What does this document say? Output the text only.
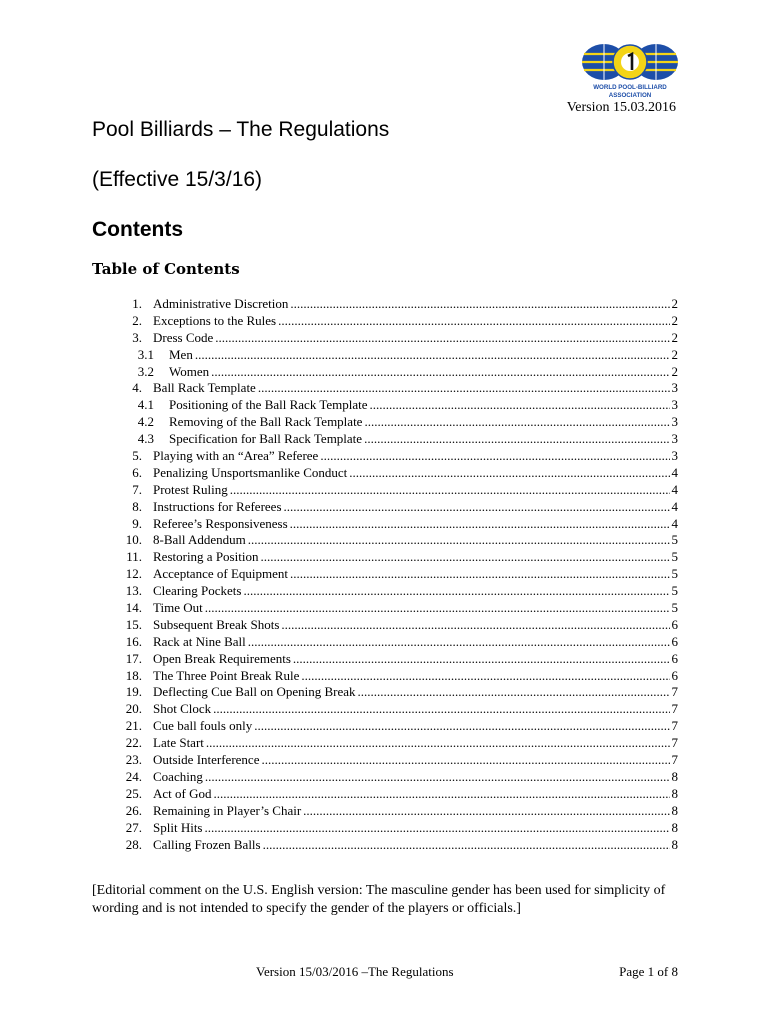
WORLD POOL-BILLIARD
ASSOCIATION
Version 15.03.2016
Pool Billiards – The Regulations
(Effective 15/3/16)
Contents
Table of Contents
1. Administrative Discretion .....	2
2. Exceptions to the Rules .....	2
3. Dress Code .....	2
3.1	Men .....	2
3.2	Women .....	2
4. Ball Rack Template .....	3
4.1	Positioning of the Ball Rack Template .....	3
4.2	Removing of the Ball Rack Template .....	3
4.3	Specification for Ball Rack Template .....	3
5. Playing with an “Area” Referee .....	3
6. Penalizing Unsportsmanlike Conduct .....	4
7. Protest Ruling .....	4
8. Instructions for Referees .....	4
9. Referee’s Responsiveness .....	4
10. 8-Ball Addendum .....	5
11. Restoring a Position .....	5
12. Acceptance of Equipment .....	5
13. Clearing Pockets .....	5
14. Time Out .....	5
15. Subsequent Break Shots .....	6
16. Rack at Nine Ball .....	6
17. Open Break Requirements .....	6
18. The Three Point Break Rule .....	6
19. Deflecting Cue Ball on Opening Break .....	7
20. Shot Clock .....	7
21. Cue ball fouls only .....	7
22. Late Start .....	7
23. Outside Interference .....	7
24. Coaching .....	8
25. Act of God .....	8
26. Remaining in Player’s Chair .....	8
27. Split Hits .....	8
28. Calling Frozen Balls .....	8
[Editorial comment on the U.S. English version: The masculine gender has been used for simplicity of wording and is not intended to specify the gender of the players or officials.]
Version 15/03/2016 –The Regulations	Page 1 of 8
